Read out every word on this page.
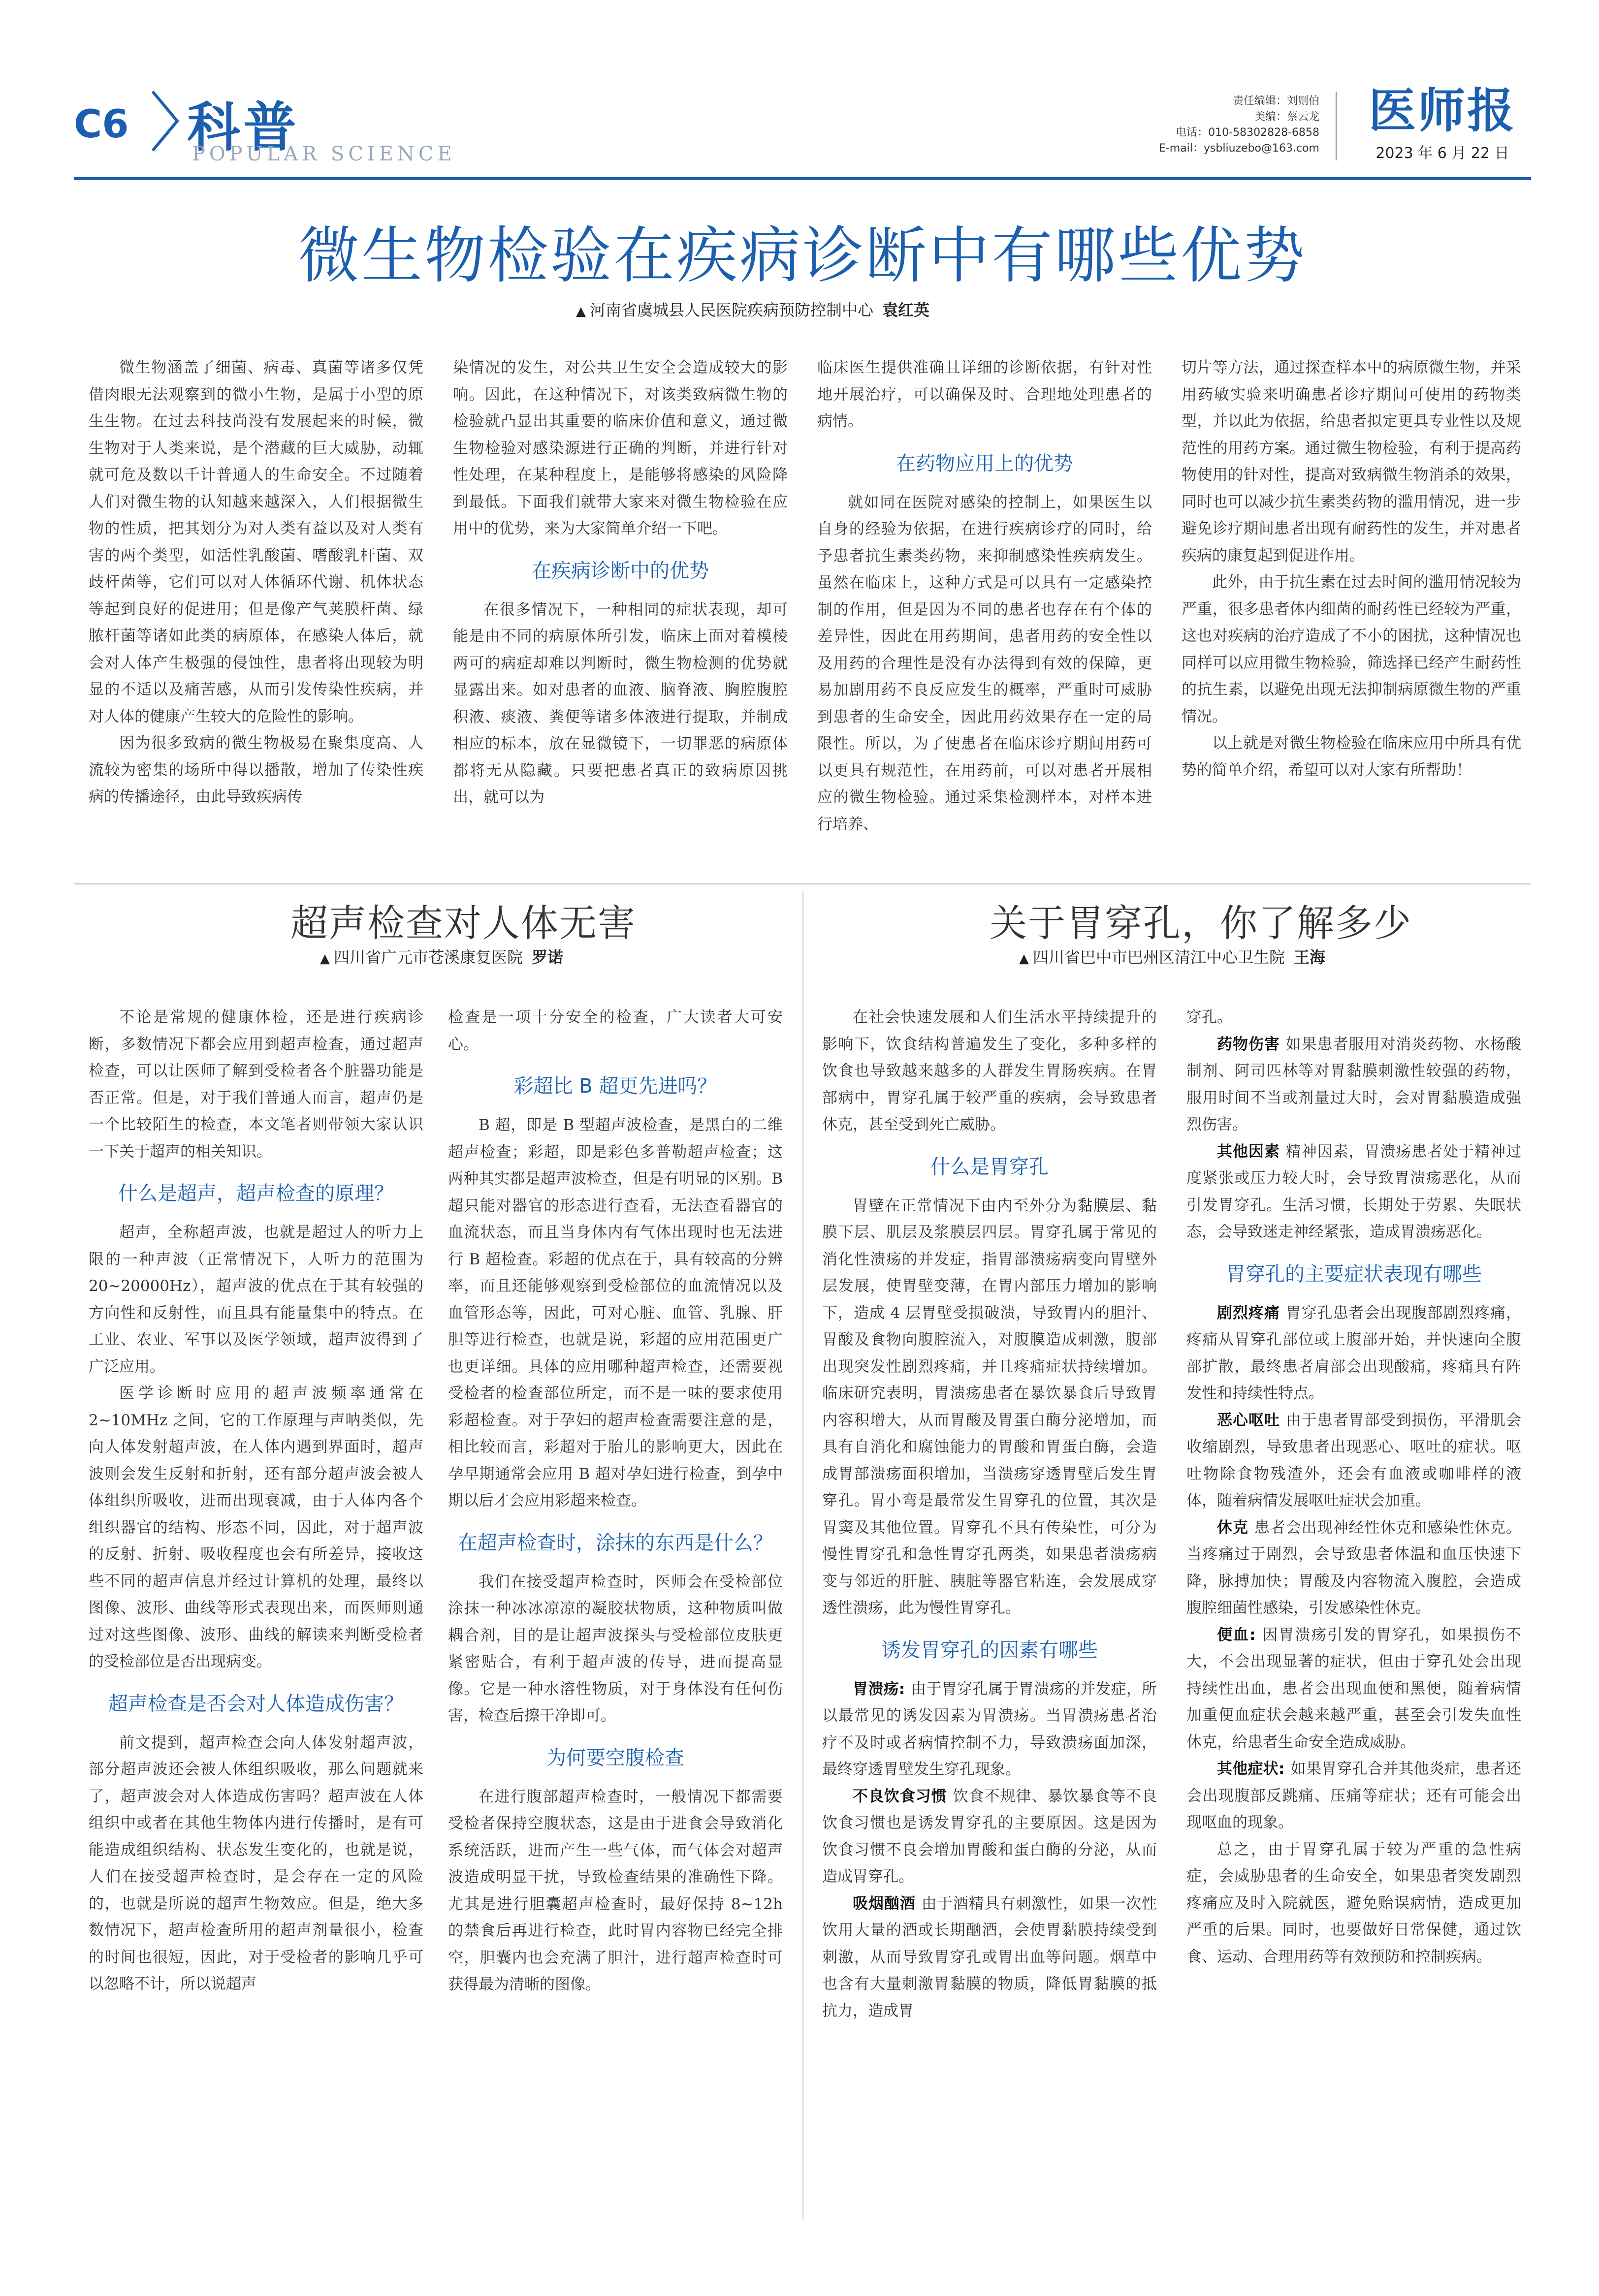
C6 科普
POPULAR SCIENCE
责任编辑：刘则伯
美编：蔡云龙
电话：010-58302828-6858
E-mail：ysbliuzebo@163.com
医师报
2023 年 6 月 22 日
微生物检验在疾病诊断中有哪些优势
▲ 河南省虞城县人民医院疾病预防控制中心 袁红英

微生物涵盖了细菌、病毒、真菌等诸多仅凭借肉眼无法观察到的微小生物，是属于小型的原生生物。在过去科技尚没有发展起来的时候，微生物对于人类来说，是个潜藏的巨大威胁，动辄就可危及数以千计普通人的生命安全。不过随着人们对微生物的认知越来越深入，人们根据微生物的性质，把其划分为对人类有益以及对人类有害的两个类型，如活性乳酸菌、嗜酸乳杆菌、双歧杆菌等，它们可以对人体循环代谢、机体状态等起到良好的促进用；但是像产气荚膜杆菌、绿脓杆菌等诸如此类的病原体，在感染人体后，就会对人体产生极强的侵蚀性，患者将出现较为明显的不适以及痛苦感，从而引发传染性疾病，并对人体的健康产生较大的危险性的影响。

因为很多致病的微生物极易在聚集度高、人流较为密集的场所中得以播散，增加了传染性疾病的传播途径，由此导致疾病传

染情况的发生，对公共卫生安全会造成较大的影响。因此，在这种情况下，对该类致病微生物的检验就凸显出其重要的临床价值和意义，通过微生物检验对感染源进行正确的判断，并进行针对性处理，在某种程度上，是能够将感染的风险降到最低。下面我们就带大家来对微生物检验在应用中的优势，来为大家简单介绍一下吧。

在疾病诊断中的优势

在很多情况下，一种相同的症状表现，却可能是由不同的病原体所引发，临床上面对着模棱两可的病症却难以判断时，微生物检测的优势就显露出来。如对患者的血液、脑脊液、胸腔腹腔积液、痰液、粪便等诸多体液进行提取，并制成相应的标本，放在显微镜下，一切罪恶的病原体都将无从隐藏。只要把患者真正的致病原因挑出，就可以为

临床医生提供准确且详细的诊断依据，有针对性地开展治疗，可以确保及时、合理地处理患者的病情。

在药物应用上的优势

就如同在医院对感染的控制上，如果医生以自身的经验为依据，在进行疾病诊疗的同时，给予患者抗生素类药物，来抑制感染性疾病发生。虽然在临床上，这种方式是可以具有一定感染控制的作用，但是因为不同的患者也存在有个体的差异性，因此在用药期间，患者用药的安全性以及用药的合理性是没有办法得到有效的保障，更易加剧用药不良反应发生的概率，严重时可威胁到患者的生命安全，因此用药效果存在一定的局限性。所以，为了使患者在临床诊疗期间用药可以更具有规范性，在用药前，可以对患者开展相应的微生物检验。通过采集检测样本，对样本进行培养、

切片等方法，通过探查样本中的病原微生物，并采用药敏实验来明确患者诊疗期间可使用的药物类型，并以此为依据，给患者拟定更具专业性以及规范性的用药方案。通过微生物检验，有利于提高药物使用的针对性，提高对致病微生物消杀的效果，同时也可以减少抗生素类药物的滥用情况，进一步避免诊疗期间患者出现有耐药性的发生，并对患者疾病的康复起到促进作用。

此外，由于抗生素在过去时间的滥用情况较为严重，很多患者体内细菌的耐药性已经较为严重，这也对疾病的治疗造成了不小的困扰，这种情况也同样可以应用微生物检验，筛选择已经产生耐药性的抗生素，以避免出现无法抑制病原微生物的严重情况。

以上就是对微生物检验在临床应用中所具有优势的简单介绍，希望可以对大家有所帮助！

超声检查对人体无害
▲ 四川省广元市苍溪康复医院 罗诺

不论是常规的健康体检，还是进行疾病诊断，多数情况下都会应用到超声检查，通过超声检查，可以让医师了解到受检者各个脏器功能是否正常。但是，对于我们普通人而言，超声仍是一个比较陌生的检查，本文笔者则带领大家认识一下关于超声的相关知识。

什么是超声，超声检查的原理？

超声，全称超声波，也就是超过人的听力上限的一种声波（正常情况下，人听力的范围为 20~20000Hz），超声波的优点在于其有较强的方向性和反射性，而且具有能量集中的特点。在工业、农业、军事以及医学领域，超声波得到了广泛应用。

医学诊断时应用的超声波频率通常在 2~10MHz 之间，它的工作原理与声呐类似，先向人体发射超声波，在人体内遇到界面时，超声波则会发生反射和折射，还有部分超声波会被人体组织所吸收，进而出现衰减，由于人体内各个组织器官的结构、形态不同，因此，对于超声波的反射、折射、吸收程度也会有所差异，接收这些不同的超声信息并经过计算机的处理，最终以图像、波形、曲线等形式表现出来，而医师则通过对这些图像、波形、曲线的解读来判断受检者的受检部位是否出现病变。

超声检查是否会对人体造成伤害？

前文提到，超声检查会向人体发射超声波，部分超声波还会被人体组织吸收，那么问题就来了，超声波会对人体造成伤害吗？超声波在人体组织中或者在其他生物体内进行传播时，是有可能造成组织结构、状态发生变化的，也就是说，人们在接受超声检查时，是会存在一定的风险的，也就是所说的超声生物效应。但是，绝大多数情况下，超声检查所用的超声剂量很小，检查的时间也很短，因此，对于受检者的影响几乎可以忽略不计，所以说超声

检查是一项十分安全的检查，广大读者大可安心。

彩超比 B 超更先进吗？

B 超，即是 B 型超声波检查，是黑白的二维超声检查；彩超，即是彩色多普勒超声检查；这两种其实都是超声波检查，但是有明显的区别。B 超只能对器官的形态进行查看，无法查看器官的血流状态，而且当身体内有气体出现时也无法进行 B 超检查。彩超的优点在于，具有较高的分辨率，而且还能够观察到受检部位的血流情况以及血管形态等，因此，可对心脏、血管、乳腺、肝胆等进行检查，也就是说，彩超的应用范围更广也更详细。具体的应用哪种超声检查，还需要视受检者的检查部位所定，而不是一味的要求使用彩超检查。对于孕妇的超声检查需要注意的是，相比较而言，彩超对于胎儿的影响更大，因此在孕早期通常会应用 B 超对孕妇进行检查，到孕中期以后才会应用彩超来检查。

在超声检查时，涂抹的东西是什么？

我们在接受超声检查时，医师会在受检部位涂抹一种冰冰凉凉的凝胶状物质，这种物质叫做耦合剂，目的是让超声波探头与受检部位皮肤更紧密贴合，有利于超声波的传导，进而提高显像。它是一种水溶性物质，对于身体没有任何伤害，检查后擦干净即可。

为何要空腹检查

在进行腹部超声检查时，一般情况下都需要受检者保持空腹状态，这是由于进食会导致消化系统活跃，进而产生一些气体，而气体会对超声波造成明显干扰，导致检查结果的准确性下降。尤其是进行胆囊超声检查时，最好保持 8~12h 的禁食后再进行检查，此时胃内容物已经完全排空，胆囊内也会充满了胆汁，进行超声检查时可获得最为清晰的图像。

关于胃穿孔，你了解多少
▲ 四川省巴中市巴州区清江中心卫生院 王海

在社会快速发展和人们生活水平持续提升的影响下，饮食结构普遍发生了变化，多种多样的饮食也导致越来越多的人群发生胃肠疾病。在胃部病中，胃穿孔属于较严重的疾病，会导致患者休克，甚至受到死亡威胁。

什么是胃穿孔

胃壁在正常情况下由内至外分为黏膜层、黏膜下层、肌层及浆膜层四层。胃穿孔属于常见的消化性溃疡的并发症，指胃部溃疡病变向胃壁外层发展，使胃壁变薄，在胃内部压力增加的影响下，造成 4 层胃壁受损破溃，导致胃内的胆汁、胃酸及食物向腹腔流入，对腹膜造成刺激，腹部出现突发性剧烈疼痛，并且疼痛症状持续增加。临床研究表明，胃溃疡患者在暴饮暴食后导致胃内容积增大，从而胃酸及胃蛋白酶分泌增加，而具有自消化和腐蚀能力的胃酸和胃蛋白酶，会造成胃部溃疡面积增加，当溃疡穿透胃壁后发生胃穿孔。胃小弯是最常发生胃穿孔的位置，其次是胃窦及其他位置。胃穿孔不具有传染性，可分为慢性胃穿孔和急性胃穿孔两类，如果患者溃疡病变与邻近的肝脏、胰脏等器官粘连，会发展成穿透性溃疡，此为慢性胃穿孔。

诱发胃穿孔的因素有哪些

胃溃疡: 由于胃穿孔属于胃溃疡的并发症，所以最常见的诱发因素为胃溃疡。当胃溃疡患者治疗不及时或者病情控制不力，导致溃疡面加深，最终穿透胃壁发生穿孔现象。

不良饮食习惯 饮食不规律、暴饮暴食等不良饮食习惯也是诱发胃穿孔的主要原因。这是因为饮食习惯不良会增加胃酸和蛋白酶的分泌，从而造成胃穿孔。

吸烟酗酒 由于酒精具有刺激性，如果一次性饮用大量的酒或长期酗酒，会使胃黏膜持续受到刺激，从而导致胃穿孔或胃出血等问题。烟草中也含有大量刺激胃黏膜的物质，降低胃黏膜的抵抗力，造成胃

穿孔。

药物伤害 如果患者服用对消炎药物、水杨酸制剂、阿司匹林等对胃黏膜刺激性较强的药物，服用时间不当或剂量过大时，会对胃黏膜造成强烈伤害。

其他因素 精神因素，胃溃疡患者处于精神过度紧张或压力较大时，会导致胃溃疡恶化，从而引发胃穿孔。生活习惯，长期处于劳累、失眠状态，会导致迷走神经紧张，造成胃溃疡恶化。

胃穿孔的主要症状表现有哪些

剧烈疼痛 胃穿孔患者会出现腹部剧烈疼痛，疼痛从胃穿孔部位或上腹部开始，并快速向全腹部扩散，最终患者肩部会出现酸痛，疼痛具有阵发性和持续性特点。

恶心呕吐 由于患者胃部受到损伤，平滑肌会收缩剧烈，导致患者出现恶心、呕吐的症状。呕吐物除食物残渣外，还会有血液或咖啡样的液体，随着病情发展呕吐症状会加重。

休克 患者会出现神经性休克和感染性休克。当疼痛过于剧烈，会导致患者体温和血压快速下降，脉搏加快；胃酸及内容物流入腹腔，会造成腹腔细菌性感染，引发感染性休克。

便血: 因胃溃疡引发的胃穿孔，如果损伤不大，不会出现显著的症状，但由于穿孔处会出现持续性出血，患者会出现血便和黑便，随着病情加重便血症状会越来越严重，甚至会引发失血性休克，给患者生命安全造成威胁。

其他症状: 如果胃穿孔合并其他炎症，患者还会出现腹部反跳痛、压痛等症状；还有可能会出现呕血的现象。

总之，由于胃穿孔属于较为严重的急性病症，会威胁患者的生命安全，如果患者突发剧烈疼痛应及时入院就医，避免贻误病情，造成更加严重的后果。同时，也要做好日常保健，通过饮食、运动、合理用药等有效预防和控制疾病。
